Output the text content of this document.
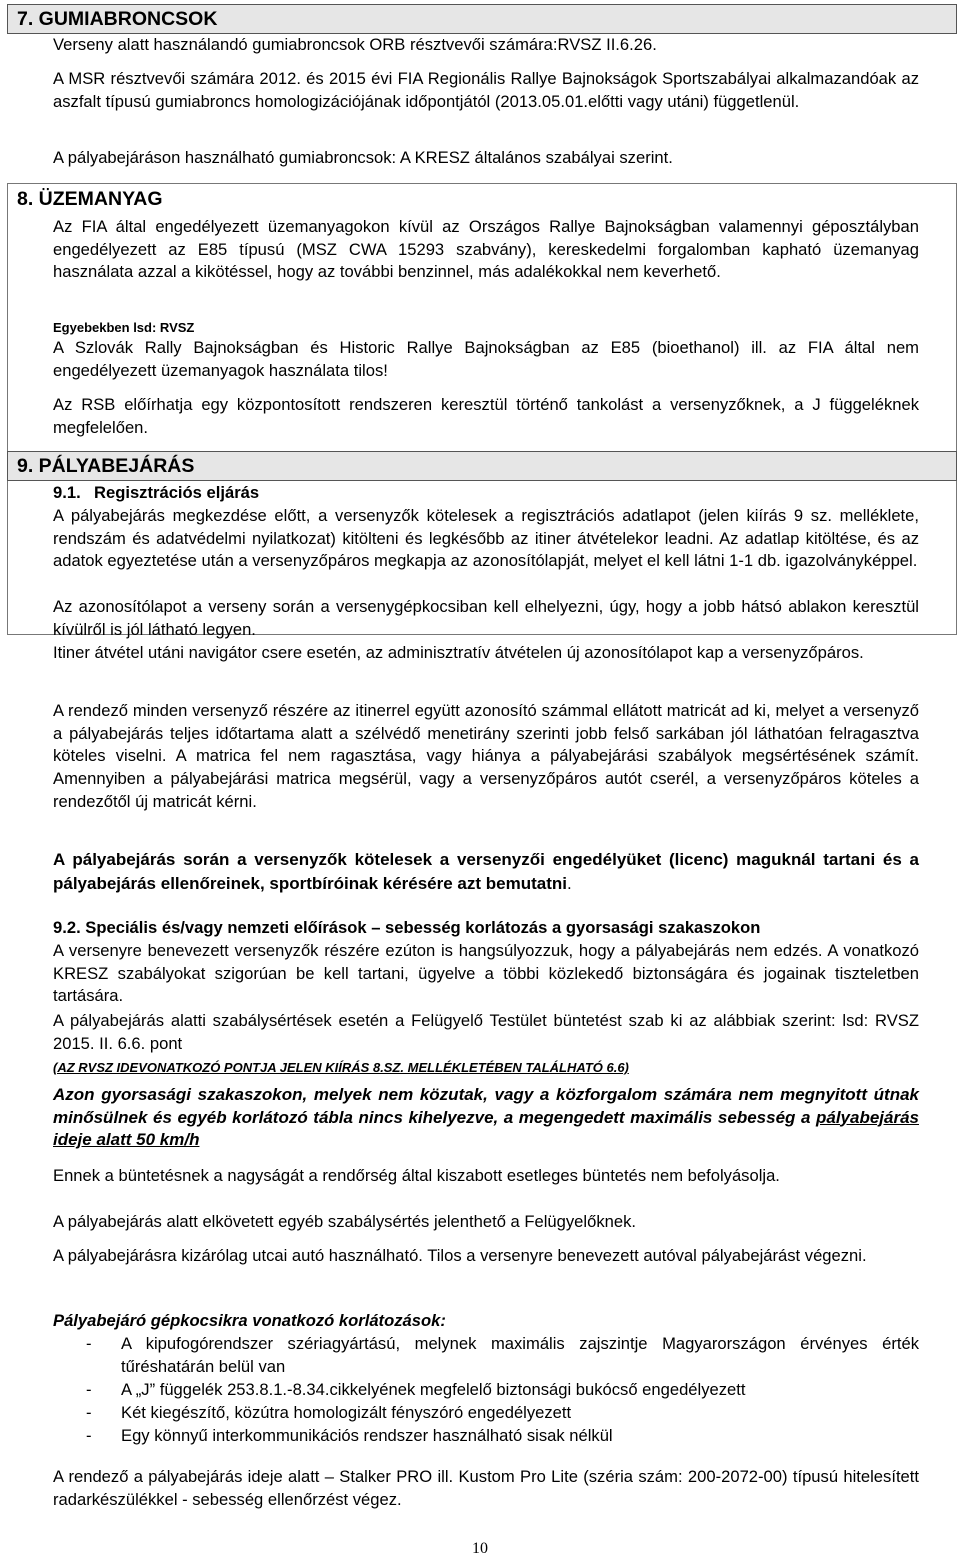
7. GUMIABRONCSOK
Verseny alatt használandó gumiabroncsok ORB résztvevői számára:RVSZ II.6.26.
A MSR résztvevői számára 2012. és 2015 évi FIA Regionális Rallye Bajnokságok Sportszabályai alkalmazandóak az aszfalt típusú gumiabroncs homologizációjának időpontjától (2013.05.01.előtti vagy utáni) függetlenül.
A pályabejáráson használható gumiabroncsok: A KRESZ általános szabályai szerint.
8. ÜZEMANYAG
Az FIA által engedélyezett üzemanyagokon kívül az Országos Rallye Bajnokságban valamennyi géposztályban engedélyezett az E85 típusú (MSZ CWA 15293 szabvány), kereskedelmi forgalomban kapható üzemanyag használata azzal a kikötéssel, hogy az további benzinnel, más adalékokkal nem keverhető.
Egyebekben lsd: RVSZ
A Szlovák Rally Bajnokságban és Historic Rallye Bajnokságban az E85 (bioethanol) ill. az FIA által nem engedélyezett üzemanyagok használata tilos!
Az RSB előírhatja egy központosított rendszeren keresztül történő tankolást a versenyzőknek, a J függeléknek megfelelően.
9. PÁLYABEJÁRÁS
9.1. Regisztrációs eljárás
A pályabejárás megkezdése előtt, a versenyzők kötelesek a regisztrációs adatlapot (jelen kiírás 9 sz. melléklete, rendszám és adatvédelmi nyilatkozat) kitölteni és legkésőbb az itiner átvételekor leadni. Az adatlap kitöltése, és az adatok egyeztetése után a versenyzőpáros megkapja az azonosítólapját, melyet el kell látni 1-1 db. igazolványképpel.
Az azonosítólapot a verseny során a versenygépkocsiban kell elhelyezni, úgy, hogy a jobb hátsó ablakon keresztül kívülről is jól látható legyen.
Itiner átvétel utáni navigátor csere esetén, az adminisztratív átvételen új azonosítólapot kap a versenyzőpáros.
A rendező minden versenyző részére az itinerrel együtt azonosító számmal ellátott matricát ad ki, melyet a versenyző a pályabejárás teljes időtartama alatt a szélvédő menetirány szerinti jobb felső sarkában jól láthatóan felragasztva köteles viselni. A matrica fel nem ragasztása, vagy hiánya a pályabejárási szabályok megsértésének számít. Amennyiben a pályabejárási matrica megsérül, vagy a versenyzőpáros autót cserél, a versenyzőpáros köteles a rendezőtől új matricát kérni.
A pályabejárás során a versenyzők kötelesek a versenyzői engedélyüket (licenc) maguknál tartani és a pályabejárás ellenőreinek, sportbíróinak kérésére azt bemutatni.
9.2. Speciális és/vagy nemzeti előírások – sebesség korlátozás a gyorsasági szakaszokon
A versenyre benevezett versenyzők részére ezúton is hangsúlyozzuk, hogy a pályabejárás nem edzés. A vonatkozó KRESZ szabályokat szigorúan be kell tartani, ügyelve a többi közlekedő biztonságára és jogainak tiszteletben tartására.
A pályabejárás alatti szabálysértések esetén a Felügyelő Testület büntetést szab ki az alábbiak szerint: lsd: RVSZ 2015. II. 6.6. pont
(AZ RVSZ IDEVONATKOZÓ PONTJA JELEN KIÍRÁS 8.SZ. MELLÉKLETÉBEN TALÁLHATÓ 6.6)
Azon gyorsasági szakaszokon, melyek nem közutak, vagy a közforgalom számára nem megnyitott útnak minősülnek és egyéb korlátozó tábla nincs kihelyezve, a megengedett maximális sebesség a pályabejárás ideje alatt 50 km/h
Ennek a büntetésnek a nagyságát a rendőrség által kiszabott esetleges büntetés nem befolyásolja.
A pályabejárás alatt elkövetett egyéb szabálysértés jelenthető a Felügyelőknek.
A pályabejárásra kizárólag utcai autó használható. Tilos a versenyre benevezett autóval pályabejárást végezni.
Pályabejáró gépkocsikra vonatkozó korlátozások:
- A kipufogórendszer szériagyártású, melynek maximális zajszintje Magyarországon érvényes érték tűréshatárán belül van
- A „J” függelék 253.8.1.-8.34.cikkelyének megfelelő biztonsági bukócső engedélyezett
- Két kiegészítő, közútra homologizált fényszóró engedélyezett
- Egy könnyű interkommunikációs rendszer használható sisak nélkül
A rendező a pályabejárás ideje alatt – Stalker PRO ill. Kustom Pro Lite (széria szám: 200-2072-00) típusú hitelesített radarkészülékkel - sebesség ellenőrzést végez.
10
